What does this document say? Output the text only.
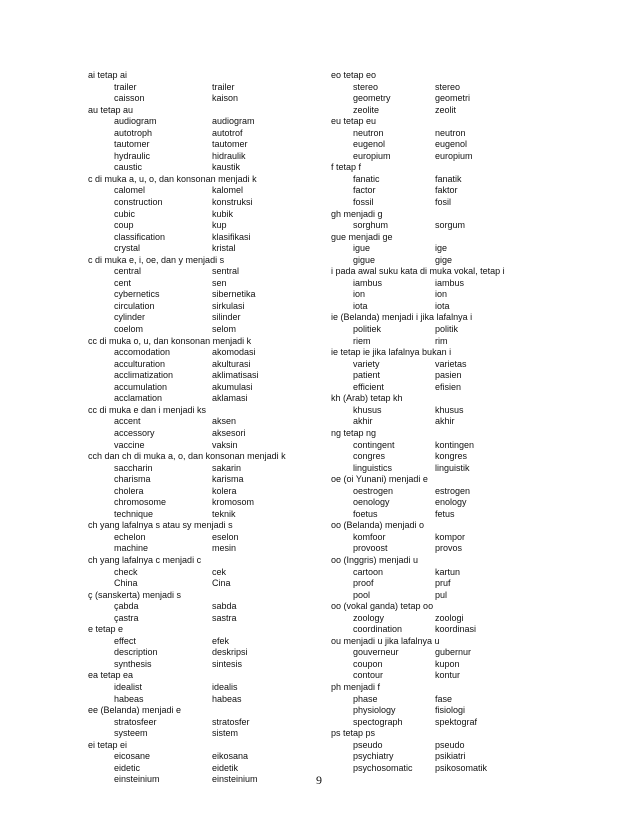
ai tetap ai
trailer	trailer
caisson	kaison
au tetap au
audiogram	audiogram
autotroph	autotrof
tautomer	tautomer
hydraulic	hidraulik
caustic	kaustik
c di muka a, u, o, dan konsonan menjadi k
calomel	kalomel
construction	konstruksi
cubic	kubik
coup	kup
classification	klasifikasi
crystal	kristal
c di muka e, i, oe, dan y menjadi s
central	sentral
cent	sen
cybernetics	sibernetika
circulation	sirkulasi
cylinder	silinder
coelom	selom
cc di muka o, u, dan konsonan menjadi k
accomodation	akomodasi
acculturation	akulturasi
acclimatization	aklimatisasi
accumulation	akumulasi
acclamation	aklamasi
cc di muka e dan i menjadi ks
accent	aksen
accessory	aksesori
vaccine	vaksin
cch dan ch di muka a, o, dan konsonan menjadi k
saccharin	sakarin
charisma	karisma
cholera	kolera
chromosome	kromosom
technique	teknik
ch yang lafalnya s atau sy menjadi s
echelon	eselon
machine	mesin
ch yang lafalnya c menjadi c
check	cek
China	Cina
ç (sanskerta) menjadi s
çabda	sabda
çastra	sastra
e tetap e
effect	efek
description	deskripsi
synthesis	sintesis
ea tetap ea
idealist	idealis
habeas	habeas
ee (Belanda) menjadi e
stratosfeer	stratosfer
systeem	sistem
ei tetap ei
eicosane	eikosana
eidetic	eidetik
einsteinium	einsteinium
eo tetap eo
stereo	stereo
geometry	geometri
zeolite	zeolit
eu tetap eu
neutron	neutron
eugenol	eugenol
europium	europium
f tetap f
fanatic	fanatik
factor	faktor
fossil	fosil
gh menjadi g
sorghum	sorgum
gue menjadi ge
igue	ige
gigue	gige
i pada awal suku kata di muka vokal, tetap i
iambus	iambus
ion	ion
iota	iota
ie (Belanda) menjadi i jika lafalnya i
politiek	politik
riem	rim
ie tetap ie jika lafalnya bukan i
variety	varietas
patient	pasien
efficient	efisien
kh (Arab) tetap kh
khusus	khusus
akhir	akhir
ng tetap ng
contingent	kontingen
congres	kongres
linguistics	linguistik
oe (oi Yunani) menjadi e
oestrogen	estrogen
oenology	enology
foetus	fetus
oo (Belanda) menjadi o
komfoor	kompor
provoost	provos
oo (Inggris) menjadi u
cartoon	kartun
proof	pruf
pool	pul
oo (vokal ganda) tetap oo
zoology	zoologi
coordination	koordinasi
ou menjadi u jika lafalnya u
gouverneur	gubernur
coupon	kupon
contour	kontur
ph menjadi f
phase	fase
physiology	fisiologi
spectograph	spektograf
ps tetap ps
pseudo	pseudo
psychiatry	psikiatri
psychosomatic	psikosomatik
9
